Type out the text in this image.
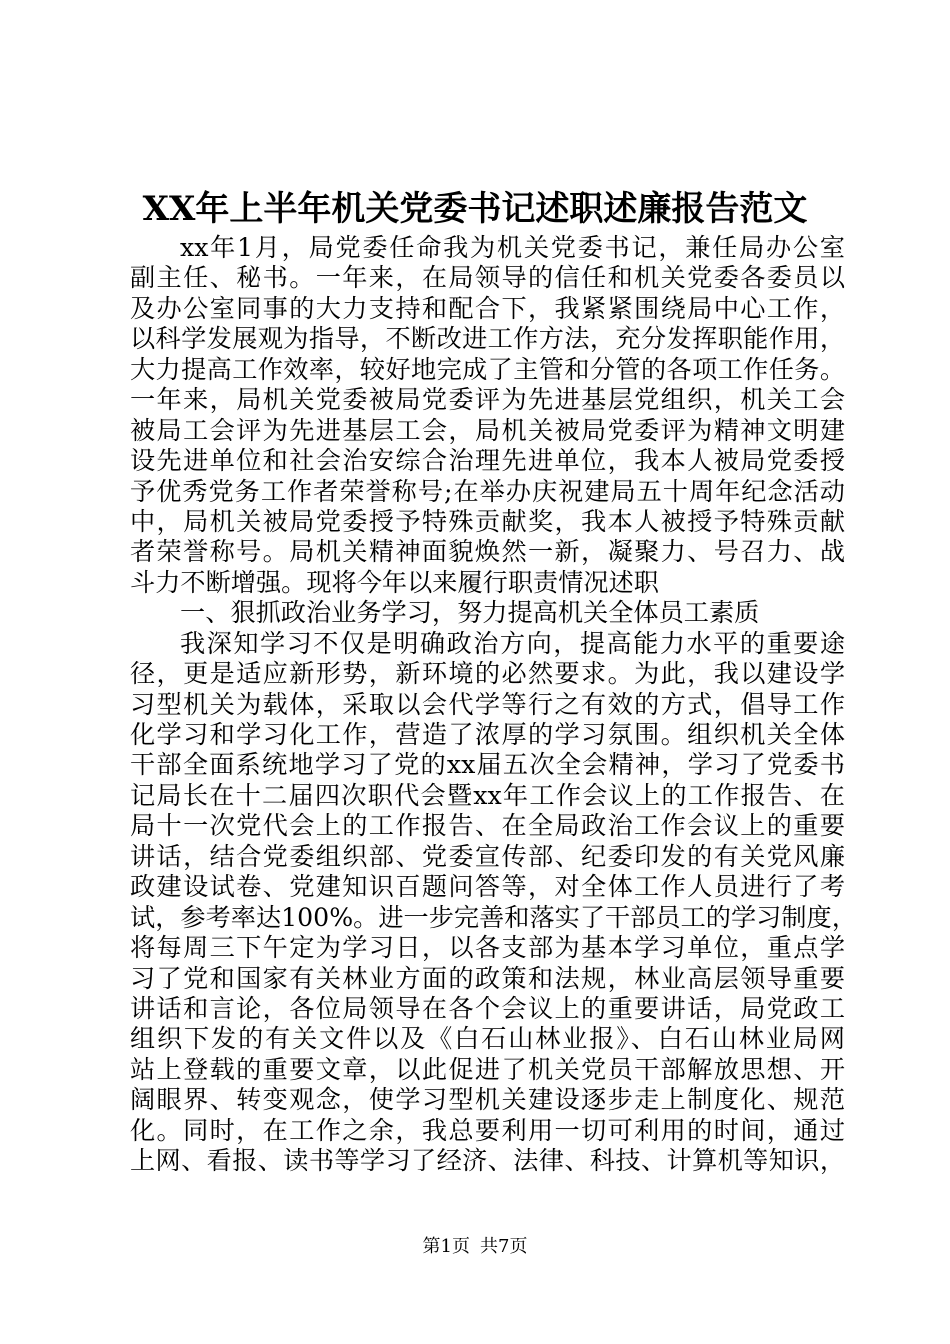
XX年上半年机关党委书记述职述廉报告范文
xx年1月，局党委任命我为机关党委书记，兼任局办公室
副主任、秘书。一年来，在局领导的信任和机关党委各委员以
及办公室同事的大力支持和配合下，我紧紧围绕局中心工作，
以科学发展观为指导，不断改进工作方法，充分发挥职能作用，
大力提高工作效率，较好地完成了主管和分管的各项工作任务。
一年来，局机关党委被局党委评为先进基层党组织，机关工会
被局工会评为先进基层工会，局机关被局党委评为精神文明建
设先进单位和社会治安综合治理先进单位，我本人被局党委授
予优秀党务工作者荣誉称号;在举办庆祝建局五十周年纪念活动
中，局机关被局党委授予特殊贡献奖，我本人被授予特殊贡献
者荣誉称号。局机关精神面貌焕然一新，凝聚力、号召力、战
斗力不断增强。现将今年以来履行职责情况述职
一、狠抓政治业务学习，努力提高机关全体员工素质
我深知学习不仅是明确政治方向，提高能力水平的重要途
径，更是适应新形势，新环境的必然要求。为此，我以建设学
习型机关为载体，采取以会代学等行之有效的方式，倡导工作
化学习和学习化工作，营造了浓厚的学习氛围。组织机关全体
干部全面系统地学习了党的xx届五次全会精神，学习了党委书
记局长在十二届四次职代会暨xx年工作会议上的工作报告、在
局十一次党代会上的工作报告、在全局政治工作会议上的重要
讲话，结合党委组织部、党委宣传部、纪委印发的有关党风廉
政建设试卷、党建知识百题问答等，对全体工作人员进行了考
试，参考率达100%。进一步完善和落实了干部员工的学习制度，
将每周三下午定为学习日，以各支部为基本学习单位，重点学
习了党和国家有关林业方面的政策和法规，林业高层领导重要
讲话和言论，各位局领导在各个会议上的重要讲话，局党政工
组织下发的有关文件以及《白石山林业报》、白石山林业局网
站上登载的重要文章，以此促进了机关党员干部解放思想、开
阔眼界、转变观念，使学习型机关建设逐步走上制度化、规范
化。同时，在工作之余，我总要利用一切可利用的时间，通过
上网、看报、读书等学习了经济、法律、科技、计算机等知识，
第1页 共7页
